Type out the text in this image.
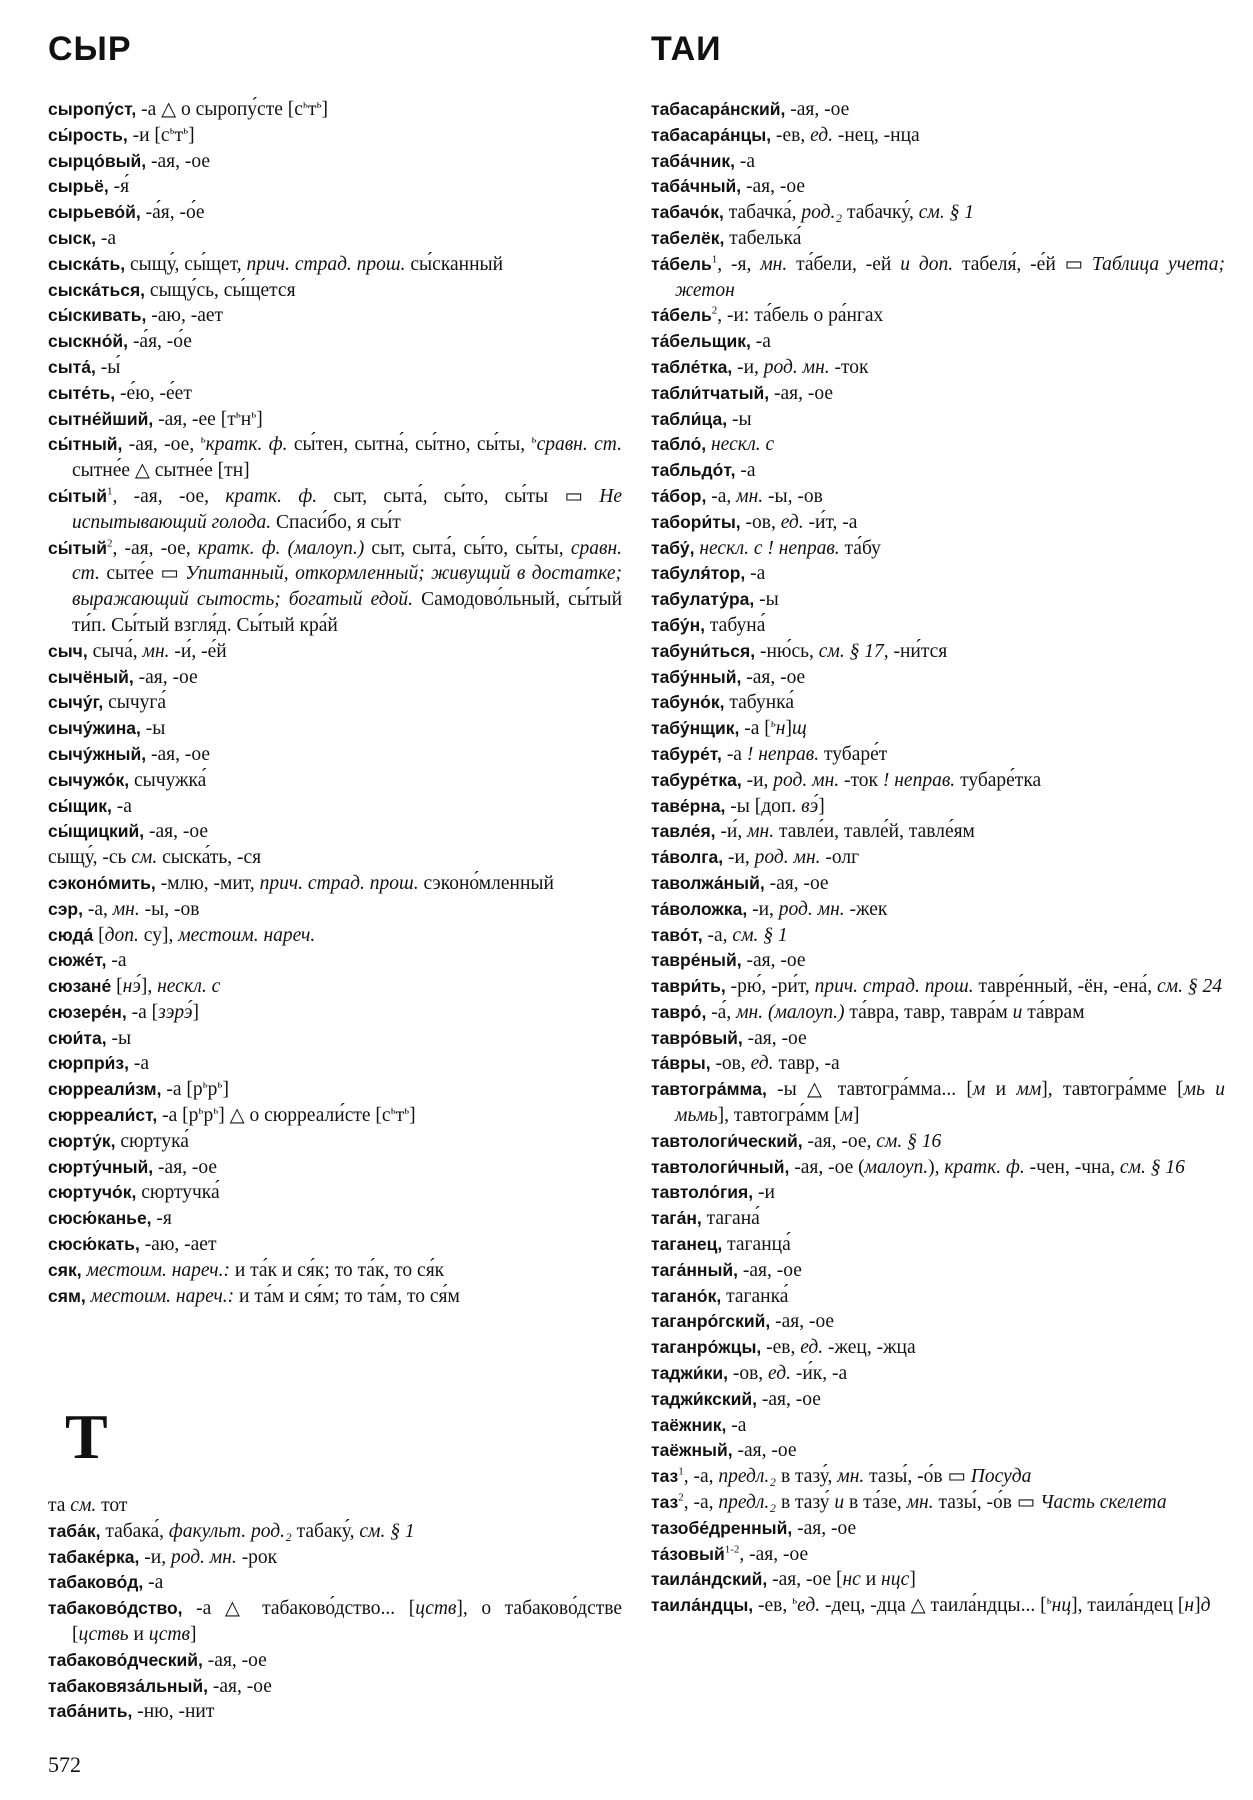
СЫР	ТАИ
сыропу́ст, -а △ о сыропу́сте $[с^ьт^ь]$
сы́рость, -и $[с^ьт^ь]$
сырцо́вый, -ая, -ое
сырьё, -я́
сырьево́й, -а́я, -о́е
сыск, -а
сыска́ть, сыщу́, сы́щет, прич. страд. прош. сы́сканный
сыска́ться, сыщу́сь, сы́щется
сы́скивать, -аю, -ает
сыскно́й, -а́я, -о́е
сыта́, -ы́
сыте́ть, -е́ю, -е́ет
сытне́йший, -ая, -ее $[т^ьн^ь]$
сы́тный, -ая, -ое, $^ь$кратк. ф. сы́тен, сытна́, сы́тно, сы́ты, $^ь$сравн. ст. сытне́е △ сытне́е [тн]
сы́тый$^1$, -ая, -ое, кратк. ф. сыт, сыта́, сы́то, сы́ты ▭ Не испытывающий голода. Спаси́бо, я сы́т
сы́тый$^2$, -ая, -ое, кратк. ф. (малоуп.) сыт, сыта́, сы́то, сы́ты, сравн. ст. сыте́е ▭ Упитанный, откормленный; живущий в достатке; выражающий сытость; богатый едой. Самодово́льный, сы́тый ти́п. Сы́тый взгля́д. Сы́тый кра́й
сыч, сыча́, мн. -и́, -е́й
сычёный, -ая, -ое
сычу́г, сычуга́
сычу́жина, -ы
сычу́жный, -ая, -ое
сычужо́к, сычужка́
сы́щик, -а
сы́щицкий, -ая, -ое
сыщу́, -сь см. сыска́ть, -ся
сэконо́мить, -млю, -мит, прич. страд. прош. сэконо́мленный
сэр, -а, мн. -ы, -ов
сюда́ [доп. су], местоим. нареч.
сюже́т, -а
сюзане́ [нэ́], нескл. с
сюзере́н, -а [зэрэ́]
сюи́та, -ы
сюрпри́з, -а
сюрреали́зм, -а $[р^ьр^ь]$
сюрреали́ст, -а $[р^ьр^ь]$ △ о сюрреали́сте $[с^ьт^ь]$
сюрту́к, сюртука́
сюрту́чный, -ая, -ое
сюртучо́к, сюртучка́
сюсю́канье, -я
сюсю́кать, -аю, -ает
сяк, местоим. нареч.: и та́к и ся́к; то та́к, то ся́к
сям, местоим. нареч.: и та́м и ся́м; то та́м, то ся́м
Т
та см. тот
таба́к, табака́, факульт. род.₂ табаку́, см. § 1
табаке́рка, -и, род. мн. -рок
табаково́д, -а
табаково́дство, -а △ табаково́дство... [цств], о табаково́дстве [цствь и цств]
табаково́дческий, -ая, -ое
табаковяза́льный, -ая, -ое
таба́нить, -ню, -нит
табасара́нский, -ая, -ое
табасара́нцы, -ев, ед. -нец, -нца
таба́чник, -а
таба́чный, -ая, -ое
табачо́к, табачка́, род.₂ табачку́, см. § 1
табелёк, табелька́
та́бель$^1$, -я, мн. та́бели, -ей и доп. табеля́, -е́й ▭ Таблица учета; жетон
та́бель$^2$, -и: та́бель о ра́нгах
та́бельщик, -а
табле́тка, -и, род. мн. -ток
табли́тчатый, -ая, -ое
табли́ца, -ы
табло́, нескл. с
табльдо́т, -а
та́бор, -а, мн. -ы, -ов
табори́ты, -ов, ед. -и́т, -а
табу́, нескл. с ! неправ. та́бу
табуля́тор, -а
табулату́ра, -ы
табу́н, табуна́
табуни́ться, -ню́сь, см. § 17, -ни́тся
табу́нный, -ая, -ое
табуно́к, табунка́
табу́нщик, -а [$^ь$н]щ
табуре́т, -а ! неправ. тубаре́т
табуре́тка, -и, род. мн. -ток ! неправ. тубаре́тка
таве́рна, -ы [доп. вэ́]
тавле́я, -и́, мн. тавле́и, тавле́й, тавле́ям
та́волга, -и, род. мн. -олг
таволжа́ный, -ая, -ое
та́воложка, -и, род. мн. -жек
таво́т, -а, см. § 1
тавре́ный, -ая, -ое
таври́ть, -рю́, -ри́т, прич. страд. прош. тавре́нный, -ён, -ена́, см. § 24
тавро́, -а́, мн. (малоуп.) та́вра, тавр, тавра́м и та́врам
тавро́вый, -ая, -ое
та́вры, -ов, ед. тавр, -а
тавтогра́мма, -ы △ тавтогра́мма... [м и мм], тавтогра́мме [мь и мьмь], тавтогра́мм [м]
тавтологи́ческий, -ая, -ое, см. § 16
тавтологи́чный, -ая, -ое (малоуп.), кратк. ф. -чен, -чна, см. § 16
тавтоло́гия, -и
тага́н, тагана́
таганец, таганца́
тага́нный, -ая, -ое
тагано́к, таганка́
таганро́гский, -ая, -ое
таганро́жцы, -ев, ед. -жец, -жца
таджи́ки, -ов, ед. -и́к, -а
таджи́кский, -ая, -ое
таёжник, -а
таёжный, -ая, -ое
таз$^1$, -а, предл.₂ в тазу́, мн. тазы́, -о́в ▭ Посуда
таз$^2$, -а, предл.₂ в тазу́ и в та́зе, мн. тазы́, -о́в ▭ Часть скелета
тазобе́дренный, -ая, -ое
та́зовый$^{1-2}$, -ая, -ое
таила́ндский, -ая, -ое [нс и нцс]
таила́ндцы, -ев, $^ь$ед. -дец, -дца △ таила́ндцы... [$^ь$нц], таила́ндец [н]д
572
